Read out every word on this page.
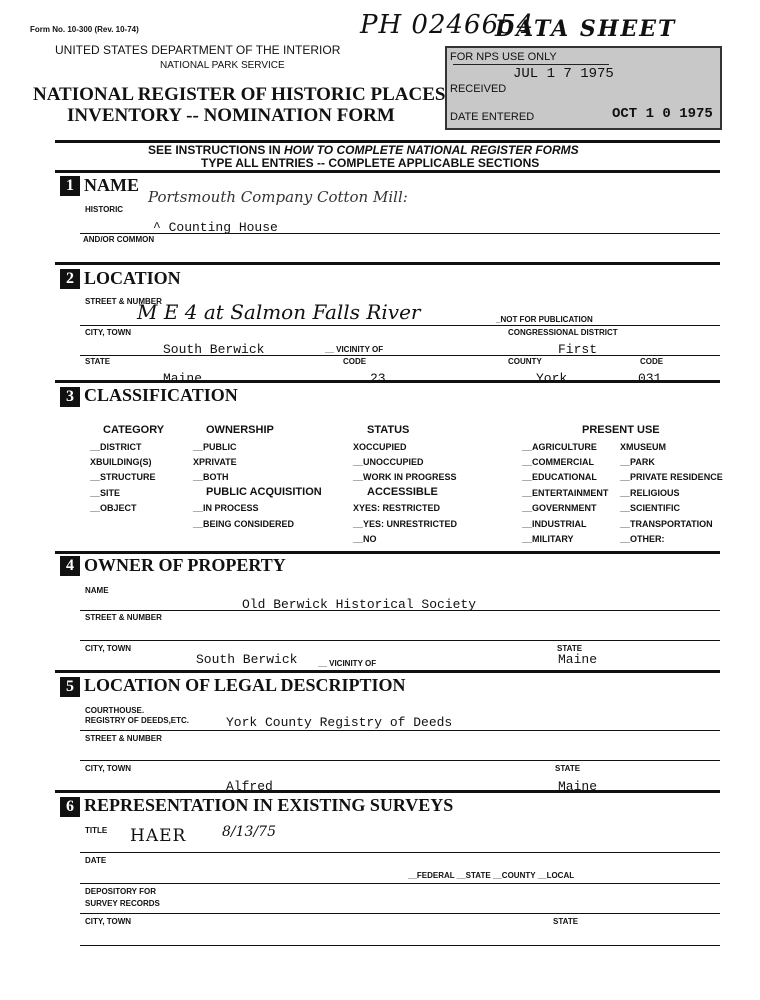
Form No. 10-300 (Rev. 10-74)	PH 0246654
DATA SHEET
UNITED STATES DEPARTMENT OF THE INTERIOR
NATIONAL PARK SERVICE
NATIONAL REGISTER OF HISTORIC PLACES
INVENTORY -- NOMINATION FORM
FOR NPS USE ONLY
JUL 1 7 1975
RECEIVED
DATE ENTERED	OCT 1 0 1975
SEE INSTRUCTIONS IN HOW TO COMPLETE NATIONAL REGISTER FORMS
TYPE ALL ENTRIES -- COMPLETE APPLICABLE SECTIONS
1 NAME
HISTORIC
Portsmouth Company Cotton Mill:
^ Counting House
AND/OR COMMON
2 LOCATION
STREET & NUMBER
M E 4 at Salmon Falls River	_NOT FOR PUBLICATION
CITY, TOWN	CONGRESSIONAL DISTRICT
South Berwick	__ VICINITY OF	First
STATE	CODE	COUNTY	CODE
Maine	23	York	031
3 CLASSIFICATION
CATEGORY
__DISTRICT
XBUILDING(S)
__STRUCTURE
__SITE
__OBJECT
OWNERSHIP
__PUBLIC
XPRIVATE
__BOTH
PUBLIC ACQUISITION
__IN PROCESS
__BEING CONSIDERED
STATUS
XOCCUPIED
__UNOCCUPIED
__WORK IN PROGRESS
ACCESSIBLE
XYES: RESTRICTED
__YES: UNRESTRICTED
__NO
PRESENT USE
__AGRICULTURE
__COMMERCIAL
__EDUCATIONAL
__ENTERTAINMENT
__GOVERNMENT
__INDUSTRIAL
__MILITARY
XMUSEUM
__PARK
__PRIVATE RESIDENCE
__RELIGIOUS
__SCIENTIFIC
__TRANSPORTATION
__OTHER:
4 OWNER OF PROPERTY
NAME
Old Berwick Historical Society
STREET & NUMBER
CITY, TOWN	STATE
South Berwick	__ VICINITY OF	Maine
5 LOCATION OF LEGAL DESCRIPTION
COURTHOUSE.
REGISTRY OF DEEDS,ETC.	York County Registry of Deeds
STREET & NUMBER
CITY, TOWN	STATE
Alfred	Maine
6 REPRESENTATION IN EXISTING SURVEYS
TITLE HAER	8/13/75
DATE
__FEDERAL __STATE __COUNTY __LOCAL
DEPOSITORY FOR
SURVEY RECORDS
CITY, TOWN	STATE
